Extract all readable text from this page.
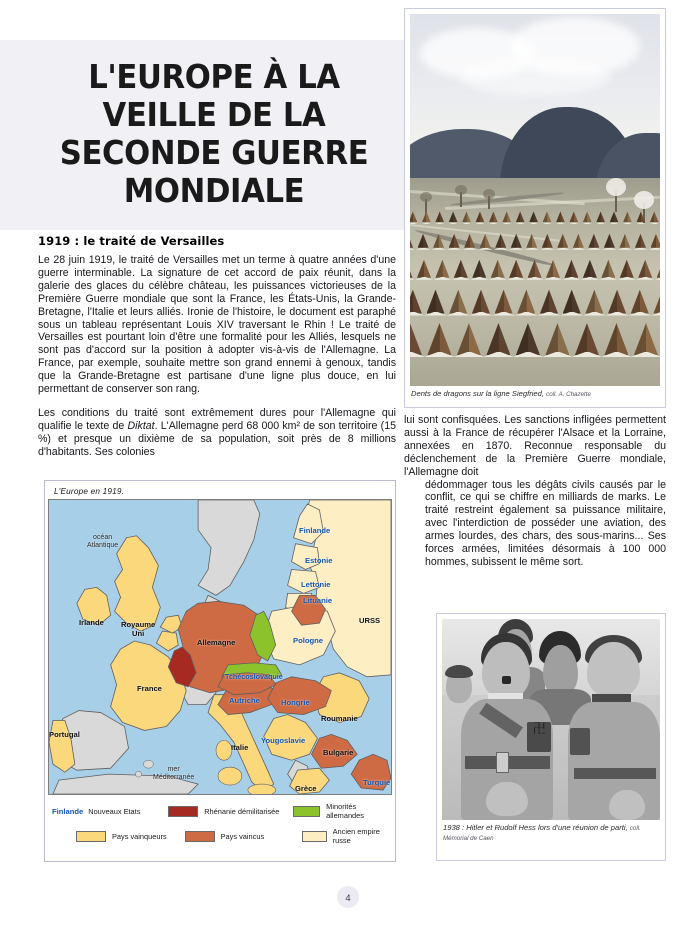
L'EUROPE À LA
VEILLE DE LA
SECONDE GUERRE
MONDIALE
1919 : le traité de Versailles

Le 28 juin 1919, le traité de Versailles met un terme à quatre années d'une guerre interminable. La signature de cet accord de paix réunit, dans la galerie des glaces du célèbre château, les puissances victorieuses de la Première Guerre mondiale que sont la France, les États-Unis, la Grande-Bretagne, l'Italie et leurs alliés. Ironie de l'histoire, le document est paraphé sous un tableau représentant Louis XIV traversant le Rhin ! Le traité de Versailles est pourtant loin d'être une formalité pour les Alliés, lesquels ne sont pas d'accord sur la position à adopter vis-à-vis de l'Allemagne. La France, par exemple, souhaite mettre son grand ennemi à genoux, tandis que la Grande-Bretagne est partisane d'une ligne plus douce, en lui permettant de conserver son rang.

Les conditions du traité sont extrêmement dures pour l'Allemagne qui qualifie le texte de Diktat. L'Allemagne perd 68 000 km² de son territoire (15 %) et presque un dixième de sa population, soit près de 8 millions d'habitants. Ses colonies

lui sont confisquées. Les sanctions infligées permettent aussi à la France de récupérer l'Alsace et la Lorraine, annexées en 1870. Reconnue responsable du déclenchement de la Première Guerre mondiale, l'Allemagne doit

dédommager tous les dégâts civils causés par le conflit, ce qui se chiffre en milliards de marks. Le traité restreint également sa puissance militaire, avec l'interdiction de posséder une aviation, des armes lourdes, des chars, des sous-marins... Ses forces armées, limitées désormais à 100 000 hommes, subissent le même sort.

Dents de dragons sur la ligne Siegfried, coll. A. Chazette
L'Europe en 1919.
océan
Atlantique
mer
Méditerranée
Irlande Royaume
Uni
France
Portugal
Allemagne
Italie
Finlande
Estonie
Lettonie
Lituanie
Pologne
URSS
Tchécoslovaquie
Autriche	Hongrie
Roumanie
Yougoslavie
Bulgarie
Grèce
Turquie
Finlande Nouveaux Etats	Rhénanie démilitarisée	Minorités allemandes
Pays vainqueurs	Pays vaincus	Ancien empire russe
卍
1938 : Hitler et Rudolf Hess lors d'une réunion de parti, coll. Mémorial de Caen
4
